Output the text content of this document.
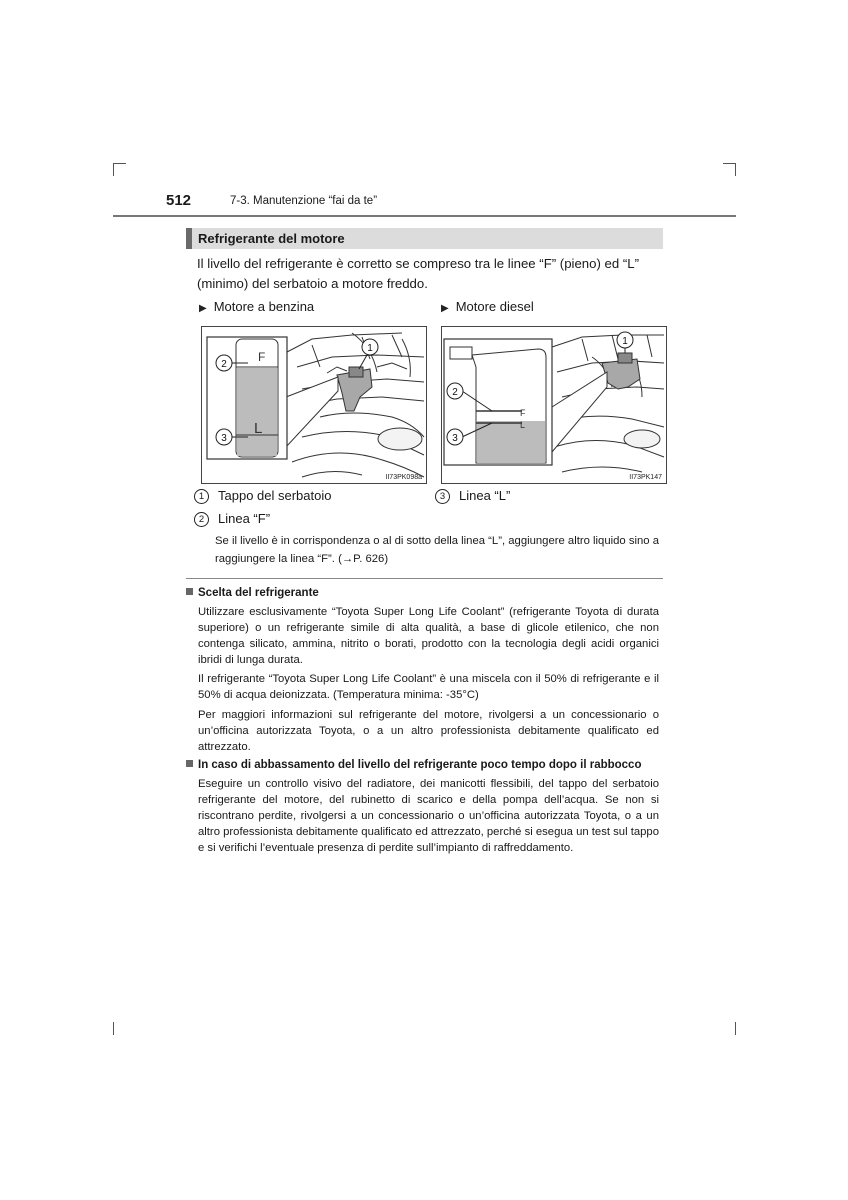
512	7-3. Manutenzione “fai da te”
Refrigerante del motore
Il livello del refrigerante è corretto se compreso tra le linee “F” (pieno) ed “L” (minimo) del serbatoio a motore freddo.
▶ Motore a benzina	▶ Motore diesel
1
F
L
2
3
II73PK098a
1
F
L
2
3
II73PK147
1 Tappo del serbatoio	3 Linea “L”
2 Linea “F”
Se il livello è in corrispondenza o al di sotto della linea “L”, aggiungere altro liquido sino a raggiungere la linea “F”. (→P. 626)
Scelta del refrigerante
Utilizzare esclusivamente “Toyota Super Long Life Coolant” (refrigerante Toyota di durata superiore) o un refrigerante simile di alta qualità, a base di glicole etilenico, che non contenga silicato, ammina, nitrito o borati, prodotto con la tecnologia degli acidi organici ibridi di lunga durata.
Il refrigerante “Toyota Super Long Life Coolant” è una miscela con il 50% di refrigerante e il 50% di acqua deionizzata. (Temperatura minima: -35°C)
Per maggiori informazioni sul refrigerante del motore, rivolgersi a un concessionario o un’officina autorizzata Toyota, o a un altro professionista debitamente qualificato ed attrezzato.
In caso di abbassamento del livello del refrigerante poco tempo dopo il rabbocco
Eseguire un controllo visivo del radiatore, dei manicotti flessibili, del tappo del serbatoio refrigerante del motore, del rubinetto di scarico e della pompa dell’acqua. Se non si riscontrano perdite, rivolgersi a un concessionario o un’officina autorizzata Toyota, o a un altro professionista debitamente qualificato ed attrezzato, perché si esegua un test sul tappo e si verifichi l’eventuale presenza di perdite sull’impianto di raffreddamento.
